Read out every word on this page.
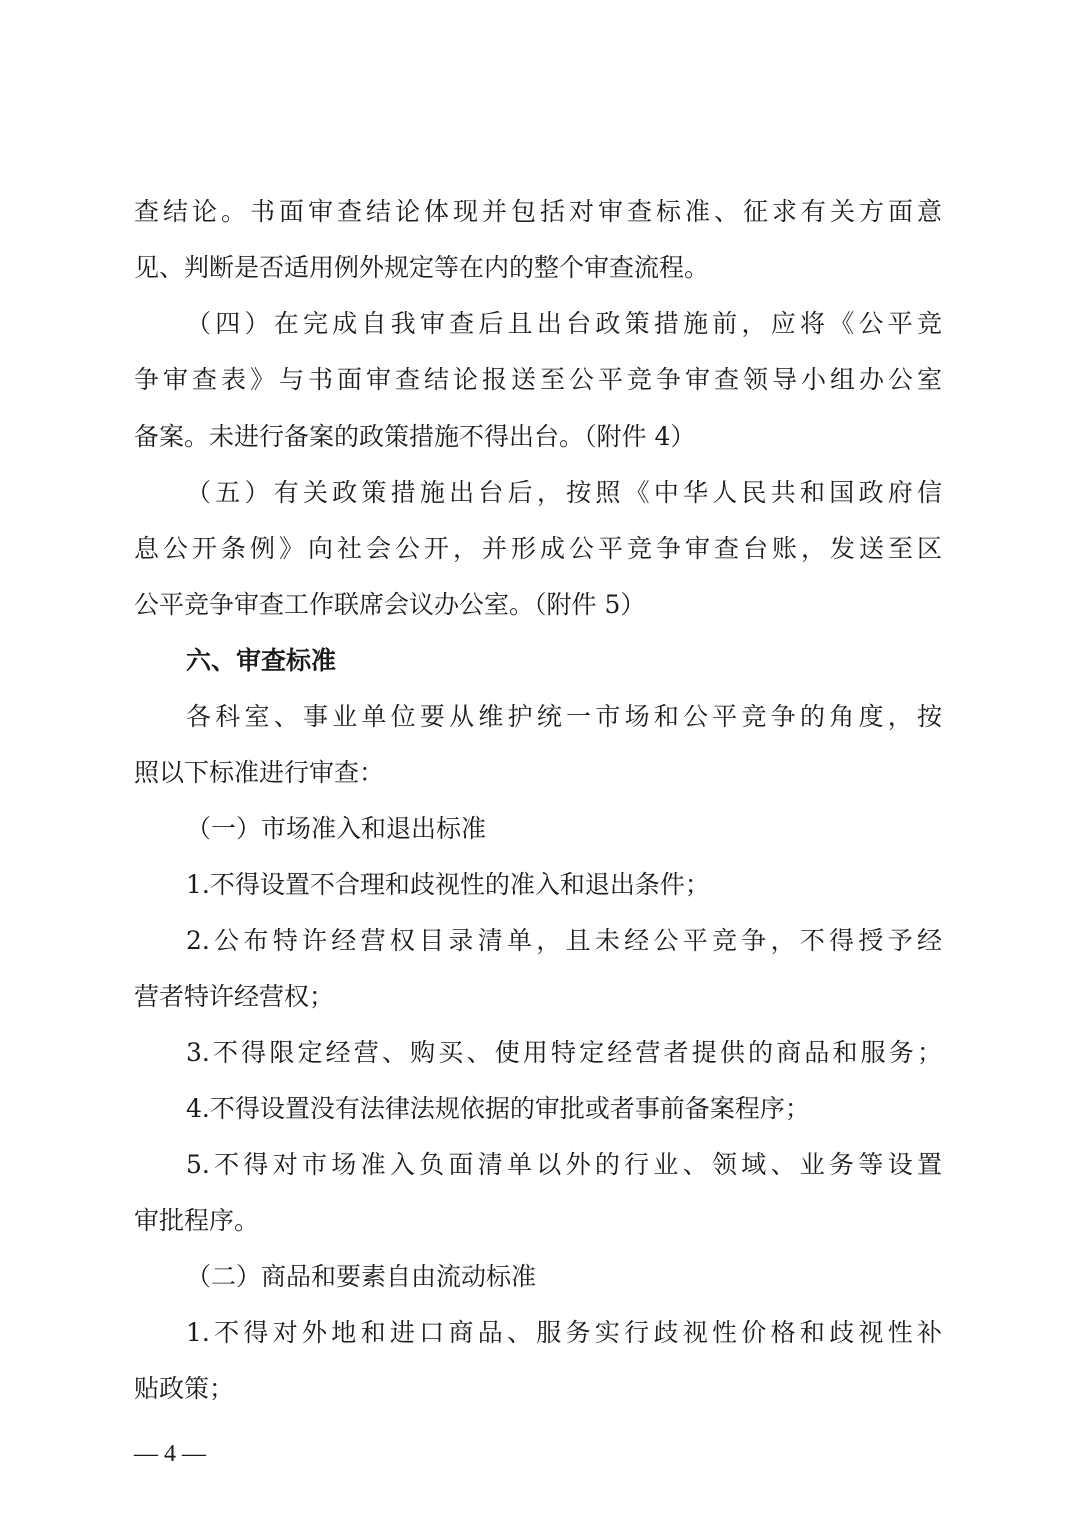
查结论。书面审查结论体现并包括对审查标准、征求有关方面意
见、判断是否适用例外规定等在内的整个审查流程。
（四）在完成自我审查后且出台政策措施前，应将《公平竞
争审查表》与书面审查结论报送至公平竞争审查领导小组办公室
备案。未进行备案的政策措施不得出台。（附件 4）
（五）有关政策措施出台后，按照《中华人民共和国政府信
息公开条例》向社会公开，并形成公平竞争审查台账，发送至区
公平竞争审查工作联席会议办公室。（附件 5）
六、审查标准
各科室、事业单位要从维护统一市场和公平竞争的角度，按
照以下标准进行审查：
（一）市场准入和退出标准
1.不得设置不合理和歧视性的准入和退出条件；
2.公布特许经营权目录清单，且未经公平竞争，不得授予经
营者特许经营权；
3.不得限定经营、购买、使用特定经营者提供的商品和服务；
4.不得设置没有法律法规依据的审批或者事前备案程序；
5.不得对市场准入负面清单以外的行业、领域、业务等设置
审批程序。
（二）商品和要素自由流动标准
1.不得对外地和进口商品、服务实行歧视性价格和歧视性补
贴政策；
— 4 —
